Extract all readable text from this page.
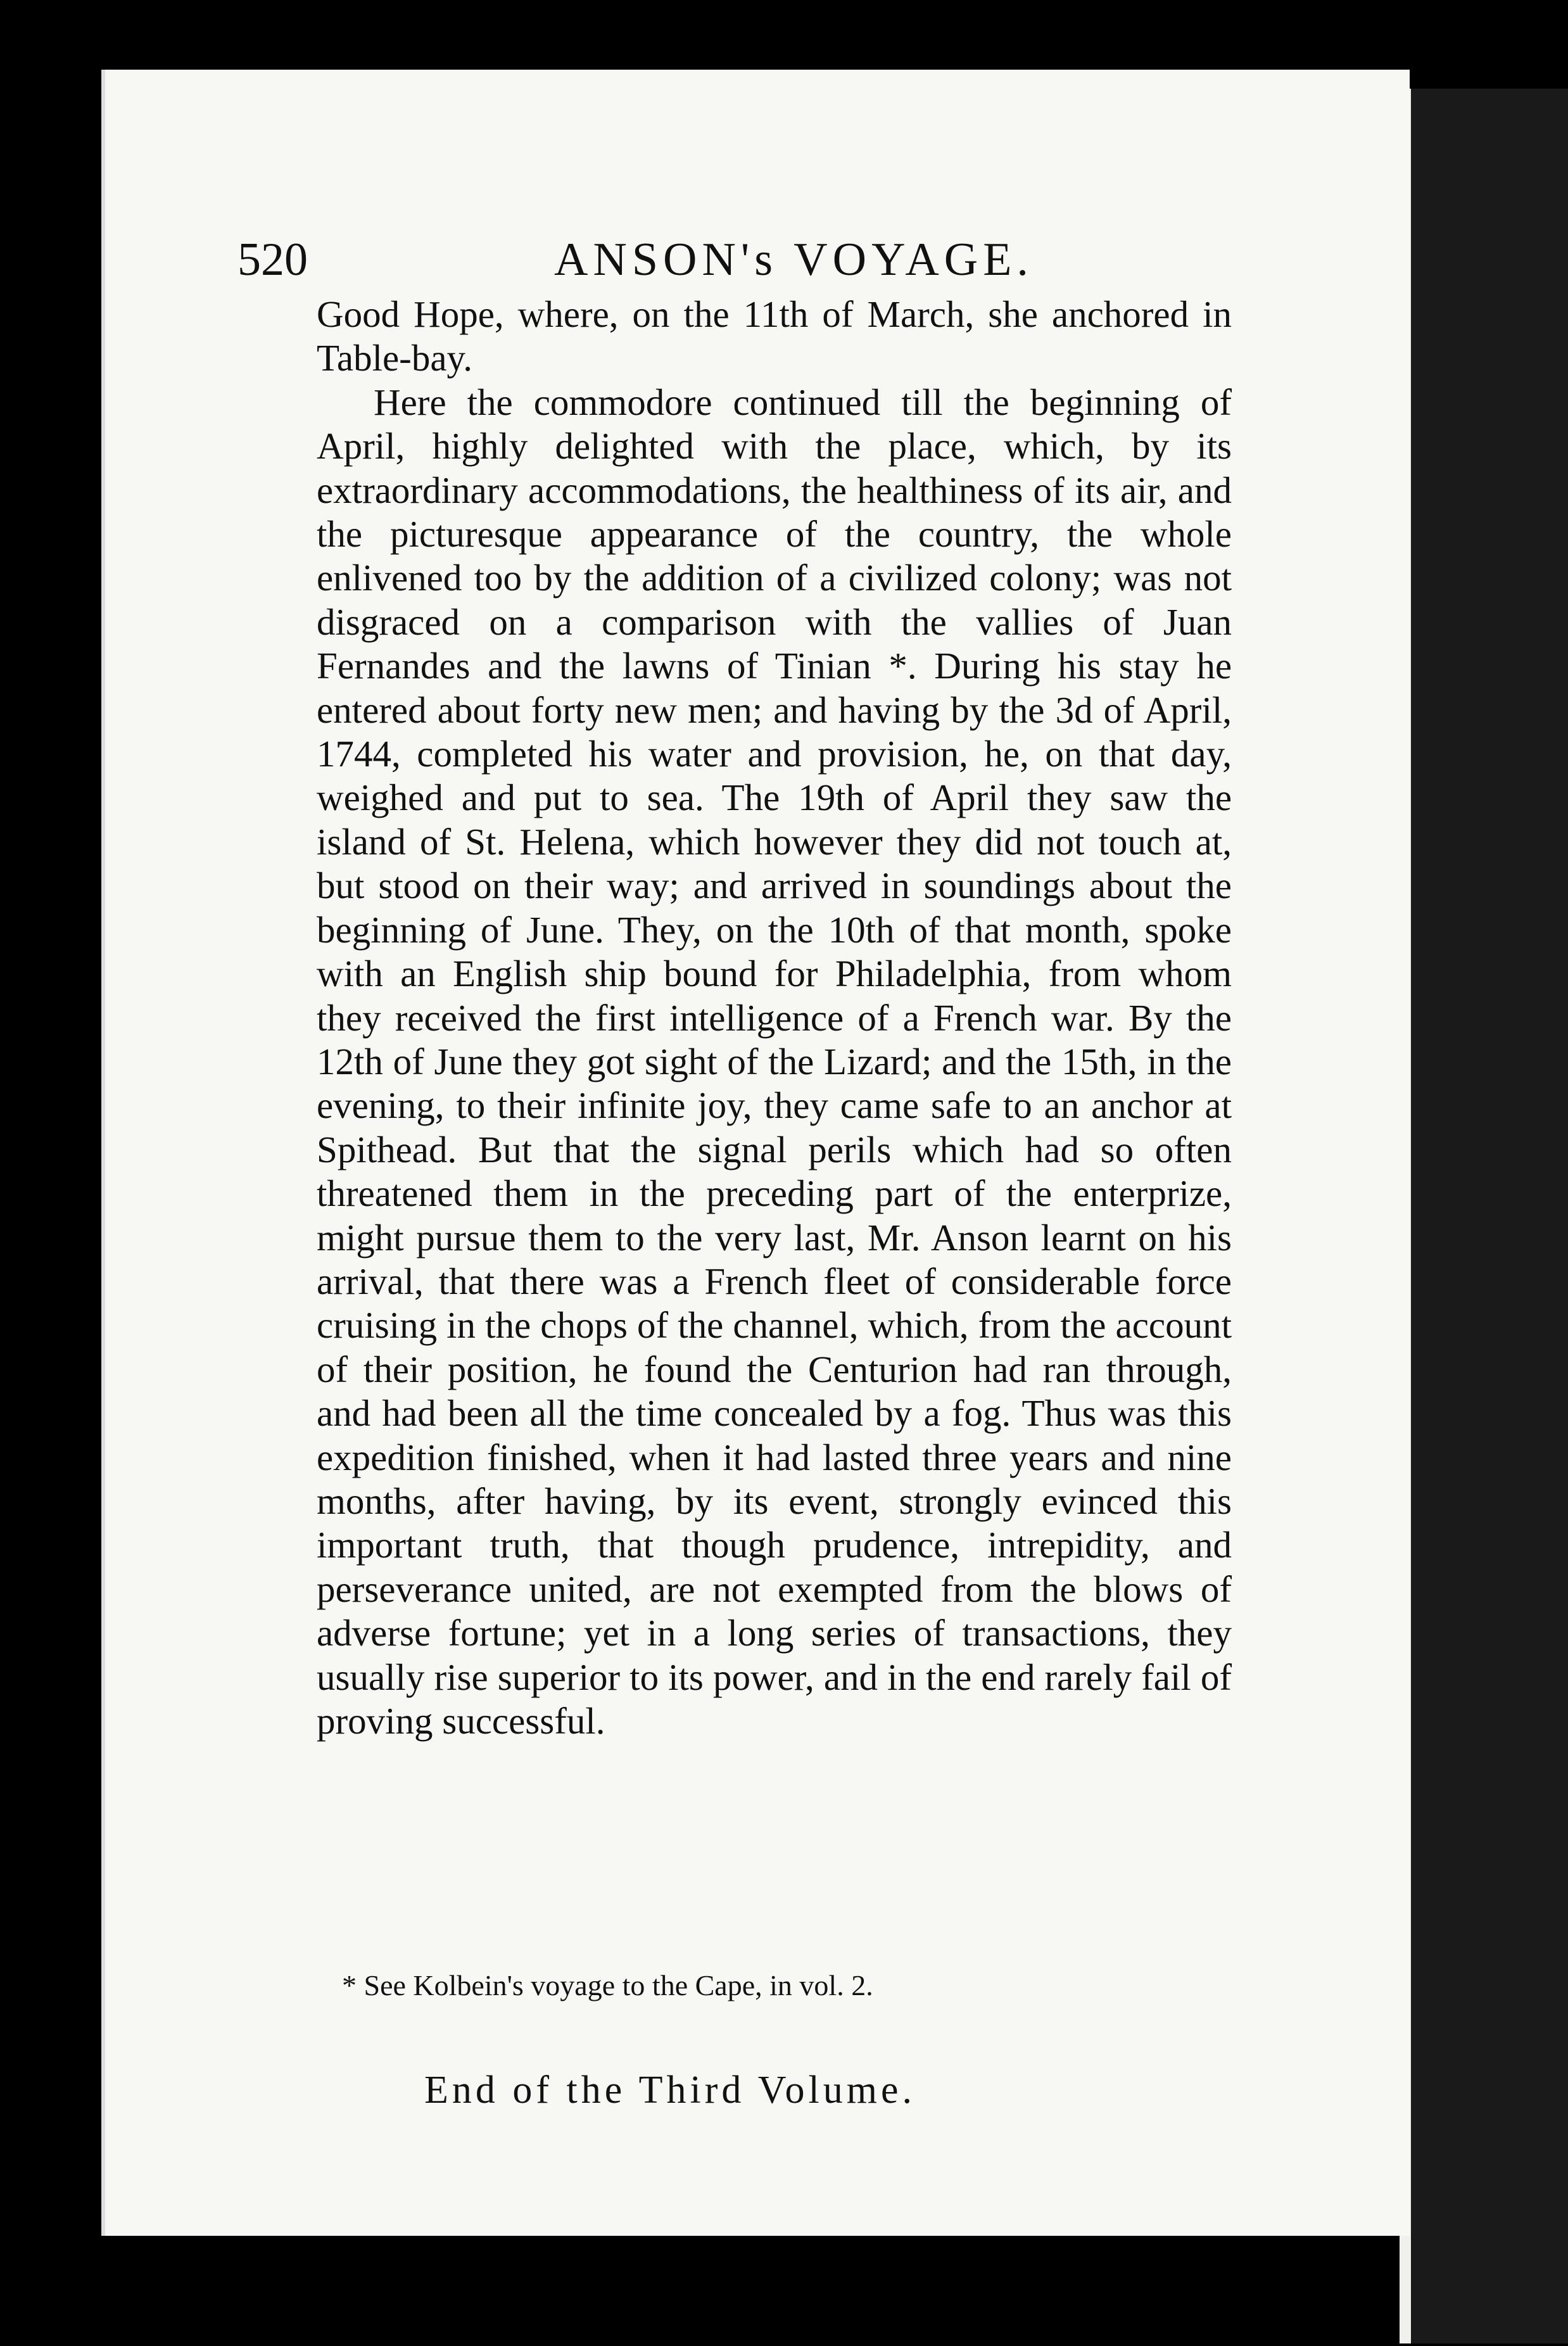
520	ANSON's VOYAGE.

Good Hope, where, on the 11th of March, she anchored in Table-bay.

Here the commodore continued till the beginning of April, highly delighted with the place, which, by its extraordinary accommodations, the healthiness of its air, and the picturesque appearance of the country, the whole enlivened too by the addition of a civilized colony; was not disgraced on a comparison with the vallies of Juan Fernandes and the lawns of Tinian *. During his stay he entered about forty new men; and having by the 3d of April, 1744, completed his water and provision, he, on that day, weighed and put to sea. The 19th of April they saw the island of St. Helena, which however they did not touch at, but stood on their way; and arrived in soundings about the beginning of June. They, on the 10th of that month, spoke with an English ship bound for Philadelphia, from whom they received the first intelligence of a French war. By the 12th of June they got sight of the Lizard; and the 15th, in the evening, to their infinite joy, they came safe to an anchor at Spithead. But that the signal perils which had so often threatened them in the preceding part of the enterprize, might pursue them to the very last, Mr. Anson learnt on his arrival, that there was a French fleet of considerable force cruising in the chops of the channel, which, from the account of their position, he found the Centurion had ran through, and had been all the time concealed by a fog. Thus was this expedition finished, when it had lasted three years and nine months, after having, by its event, strongly evinced this important truth, that though prudence, intrepidity, and perseverance united, are not exempted from the blows of adverse fortune; yet in a long series of transactions, they usually rise superior to its power, and in the end rarely fail of proving successful.

* See Kolbein's voyage to the Cape, in vol. 2.
End of the Third Volume.
